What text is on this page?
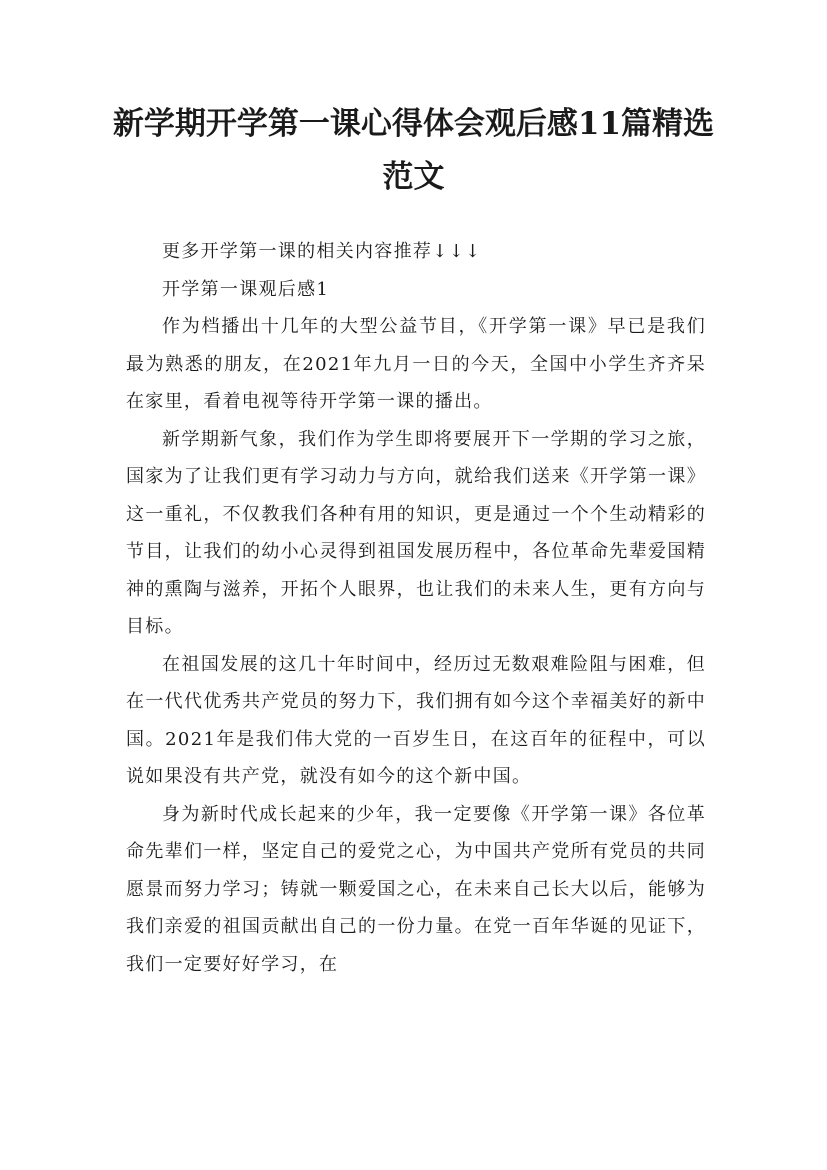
新学期开学第一课心得体会观后感11篇精选范文

更多开学第一课的相关内容推荐↓↓↓

开学第一课观后感1

作为档播出十几年的大型公益节目，《开学第一课》早已是我们最为熟悉的朋友，在2021年九月一日的今天，全国中小学生齐齐呆在家里，看着电视等待开学第一课的播出。

新学期新气象，我们作为学生即将要展开下一学期的学习之旅，国家为了让我们更有学习动力与方向，就给我们送来《开学第一课》这一重礼，不仅教我们各种有用的知识，更是通过一个个生动精彩的节目，让我们的幼小心灵得到祖国发展历程中，各位革命先辈爱国精神的熏陶与滋养，开拓个人眼界，也让我们的未来人生，更有方向与目标。

在祖国发展的这几十年时间中，经历过无数艰难险阻与困难，但在一代代优秀共产党员的努力下，我们拥有如今这个幸福美好的新中国。2021年是我们伟大党的一百岁生日，在这百年的征程中，可以说如果没有共产党，就没有如今的这个新中国。

身为新时代成长起来的少年，我一定要像《开学第一课》各位革命先辈们一样，坚定自己的爱党之心，为中国共产党所有党员的共同愿景而努力学习；铸就一颗爱国之心，在未来自己长大以后，能够为我们亲爱的祖国贡献出自己的一份力量。在党一百年华诞的见证下，我们一定要好好学习，在
